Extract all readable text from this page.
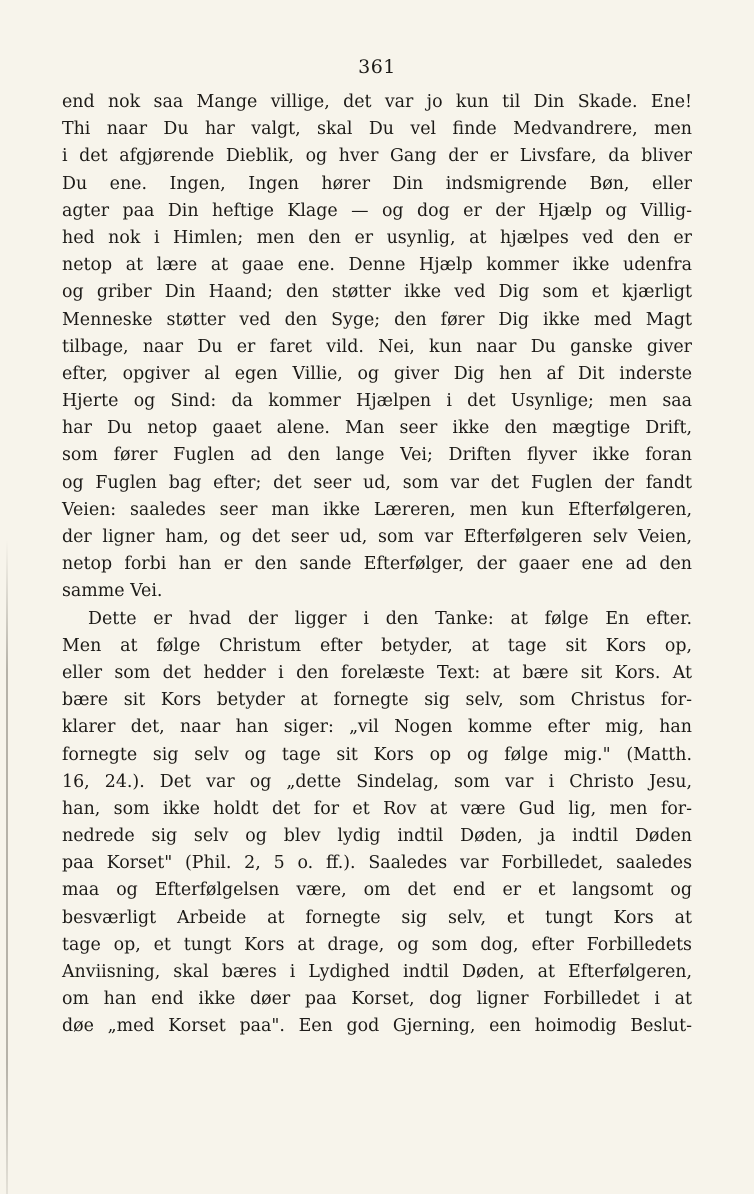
361
end nok saa Mange villige, det var jo kun til Din Skade. Ene!
Thi naar Du har valgt, skal Du vel finde Medvandrere, men
i det afgjørende Dieblik, og hver Gang der er Livsfare, da bliver
Du ene. Ingen, Ingen hører Din indsmigrende Bøn, eller
agter paa Din heftige Klage — og dog er der Hjælp og Villig-
hed nok i Himlen; men den er usynlig, at hjælpes ved den er
netop at lære at gaae ene. Denne Hjælp kommer ikke udenfra
og griber Din Haand; den støtter ikke ved Dig som et kjærligt
Menneske støtter ved den Syge; den fører Dig ikke med Magt
tilbage, naar Du er faret vild. Nei, kun naar Du ganske giver
efter, opgiver al egen Villie, og giver Dig hen af Dit inderste
Hjerte og Sind: da kommer Hjælpen i det Usynlige; men saa
har Du netop gaaet alene. Man seer ikke den mægtige Drift,
som fører Fuglen ad den lange Vei; Driften flyver ikke foran
og Fuglen bag efter; det seer ud, som var det Fuglen der fandt
Veien: saaledes seer man ikke Læreren, men kun Efterfølgeren,
der ligner ham, og det seer ud, som var Efterfølgeren selv Veien,
netop forbi han er den sande Efterfølger, der gaaer ene ad den
samme Vei.
Dette er hvad der ligger i den Tanke: at følge En efter.
Men at følge Christum efter betyder, at tage sit Kors op,
eller som det hedder i den forelæste Text: at bære sit Kors. At
bære sit Kors betyder at fornegte sig selv, som Christus for-
klarer det, naar han siger: „vil Nogen komme efter mig, han
fornegte sig selv og tage sit Kors op og følge mig." (Matth.
16, 24.). Det var og „dette Sindelag, som var i Christo Jesu,
han, som ikke holdt det for et Rov at være Gud lig, men for-
nedrede sig selv og blev lydig indtil Døden, ja indtil Døden
paa Korset" (Phil. 2, 5 o. ff.). Saaledes var Forbilledet, saaledes
maa og Efterfølgelsen være, om det end er et langsomt og
besværligt Arbeide at fornegte sig selv, et tungt Kors at
tage op, et tungt Kors at drage, og som dog, efter Forbilledets
Anviisning, skal bæres i Lydighed indtil Døden, at Efterfølgeren,
om han end ikke døer paa Korset, dog ligner Forbilledet i at
døe „med Korset paa". Een god Gjerning, een hoimodig Beslut-
